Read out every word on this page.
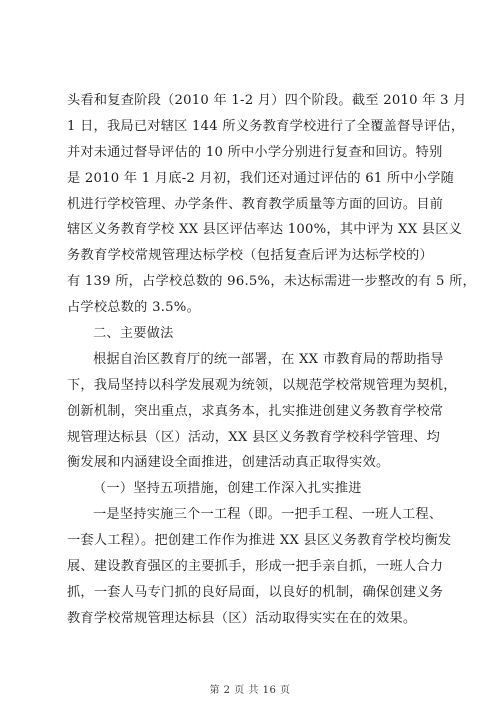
头看和复查阶段（2010 年 1-2 月）四个阶段。截至 2010 年 3 月
1 日，我局已对辖区 144 所义务教育学校进行了全覆盖督导评估，
并对未通过督导评估的 10 所中小学分别进行复查和回访。特别
是 2010 年 1 月底-2 月初，我们还对通过评估的 61 所中小学随
机进行学校管理、办学条件、教育教学质量等方面的回访。目前
辖区义务教育学校 XX 县区评估率达 100%，其中评为 XX 县区义
务教育学校常规管理达标学校（包括复查后评为达标学校的）
有 139 所，占学校总数的 96.5%，未达标需进一步整改的有 5 所，
占学校总数的 3.5%。
二、主要做法
根据自治区教育厅的统一部署，在 XX 市教育局的帮助指导
下，我局坚持以科学发展观为统领，以规范学校常规管理为契机，
创新机制，突出重点，求真务本，扎实推进创建义务教育学校常
规管理达标县（区）活动，XX 县区义务教育学校科学管理、均
衡发展和内涵建设全面推进，创建活动真正取得实效。
（一）坚持五项措施，创建工作深入扎实推进
一是坚持实施三个一工程（即。一把手工程、一班人工程、
一套人工程）。把创建工作作为推进 XX 县区义务教育学校均衡发
展、建设教育强区的主要抓手，形成一把手亲自抓，一班人合力
抓，一套人马专门抓的良好局面，以良好的机制，确保创建义务
教育学校常规管理达标县（区）活动取得实实在在的效果。
第 2 页 共 16 页
